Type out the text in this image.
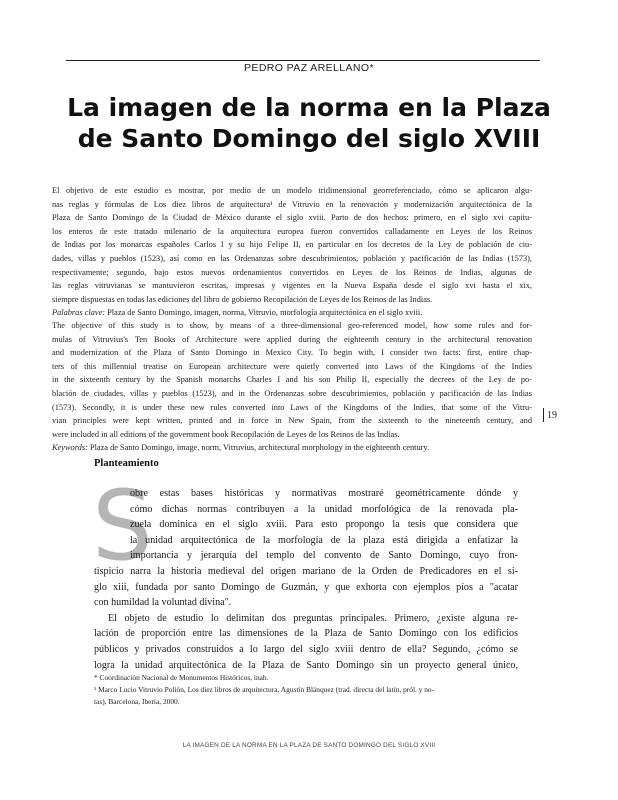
PEDRO PAZ ARELLANO*
La imagen de la norma en la Plaza
de Santo Domingo del siglo XVIII
El objetivo de este estudio es mostrar, por medio de un modelo tridimensional georreferenciado, cómo se aplicaron algu-
nas reglas y fórmulas de Los diez libros de arquitectura¹ de Vitruvio en la renovación y modernización arquitectónica de la
Plaza de Santo Domingo de la Ciudad de México durante el siglo xviii. Parto de dos hechos: primero, en el siglo xvi capitu-
los enteros de este tratado milenario de la arquitectura europea fueron convertidos calladamente en Leyes de los Reinos
de Indias por los monarcas españoles Carlos I y su hijo Felipe II, en particular en los decretos de la Ley de población de ciu-
dades, villas y pueblos (1523), así como en las Ordenanzas sobre descubrimientos, población y pacificación de las Indias (1573),
respectivamente; segundo, bajo estos nuevos ordenamientos convertidos en Leyes de los Reinos de Indias, algunas de
las reglas vitruvianas se mantuvieron escritas, impresas y vigentes en la Nueva España desde el siglo xvi hasta el xix,
siempre dispuestas en todas las ediciones del libro de gobierno Recopilación de Leyes de los Reinos de las Indias.
Palabras clave: Plaza de Santo Domingo, imagen, norma, Vitruvio, morfología arquitectónica en el siglo xviii.
The objective of this study is to show, by means of a three-dimensional geo-referenced model, how some rules and for-
mulas of Vitruvius's Ten Books of Architecture were applied during the eighteenth century in the architectural renovation
and modernization of the Plaza of Santo Domingo in Mexico City. To begin with, I consider two facts: first, entire chap-
ters of this millennial treatise on European architecture were quietly converted into Laws of the Kingdoms of the Indies
in the sixteenth century by the Spanish monarchs Charles I and his son Philip II, especially the decrees of the Ley de po-
blación de ciudades, villas y pueblos (1523), and in the Ordenanzas sobre descubrimientos, población y pacificación de las Indias
(1573). Secondly, it is under these new rules converted into Laws of the Kingdoms of the Indies, that some of the Vitru-
vian principles were kept written, printed and in force in New Spain, from the sixteenth to the nineteenth century, and
were included in all editions of the government book Recopilación de Leyes de los Reinos de las Indias.
Keywords: Plaza de Santo Domingo, image, norm, Vitruvius, architectural morphology in the eighteenth century.
19
Planteamiento
S
obre estas bases históricas y normativas mostraré geométricamente dónde y
cómo dichas normas contribuyen a la unidad morfológica de la renovada pla-
zuela dominica en el siglo xviii. Para esto propongo la tesis que considera que
la unidad arquitectónica de la morfología de la plaza está dirigida a enfatizar la
importancia y jerarquía del templo del convento de Santo Domingo, cuyo fron-
tispicio narra la historia medieval del origen mariano de la Orden de Predicadores en el si-
glo xiii, fundada por santo Domingo de Guzmán, y que exhorta con ejemplos píos a "acatar
con humildad la voluntad divina".
El objeto de estudio lo delimitan dos preguntas principales. Primero, ¿existe alguna re-
lación de proporción entre las dimensiones de la Plaza de Santo Domingo con los edificios
públicos y privados construidos a lo largo del siglo xviii dentro de ella? Segundo, ¿cómo se
logra la unidad arquitectónica de la Plaza de Santo Domingo sin un proyecto general único,
* Coordinación Nacional de Monumentos Históricos, inah.
¹ Marco Lucio Vitruvio Polión, Los diez libros de arquitectura, Agustín Blánquez (trad. directa del latín, pról. y no-
tas), Barcelona, Iberia, 2000.
LA IMAGEN DE LA NORMA EN LA PLAZA DE SANTO DOMINGO DEL SIGLO XVIII
